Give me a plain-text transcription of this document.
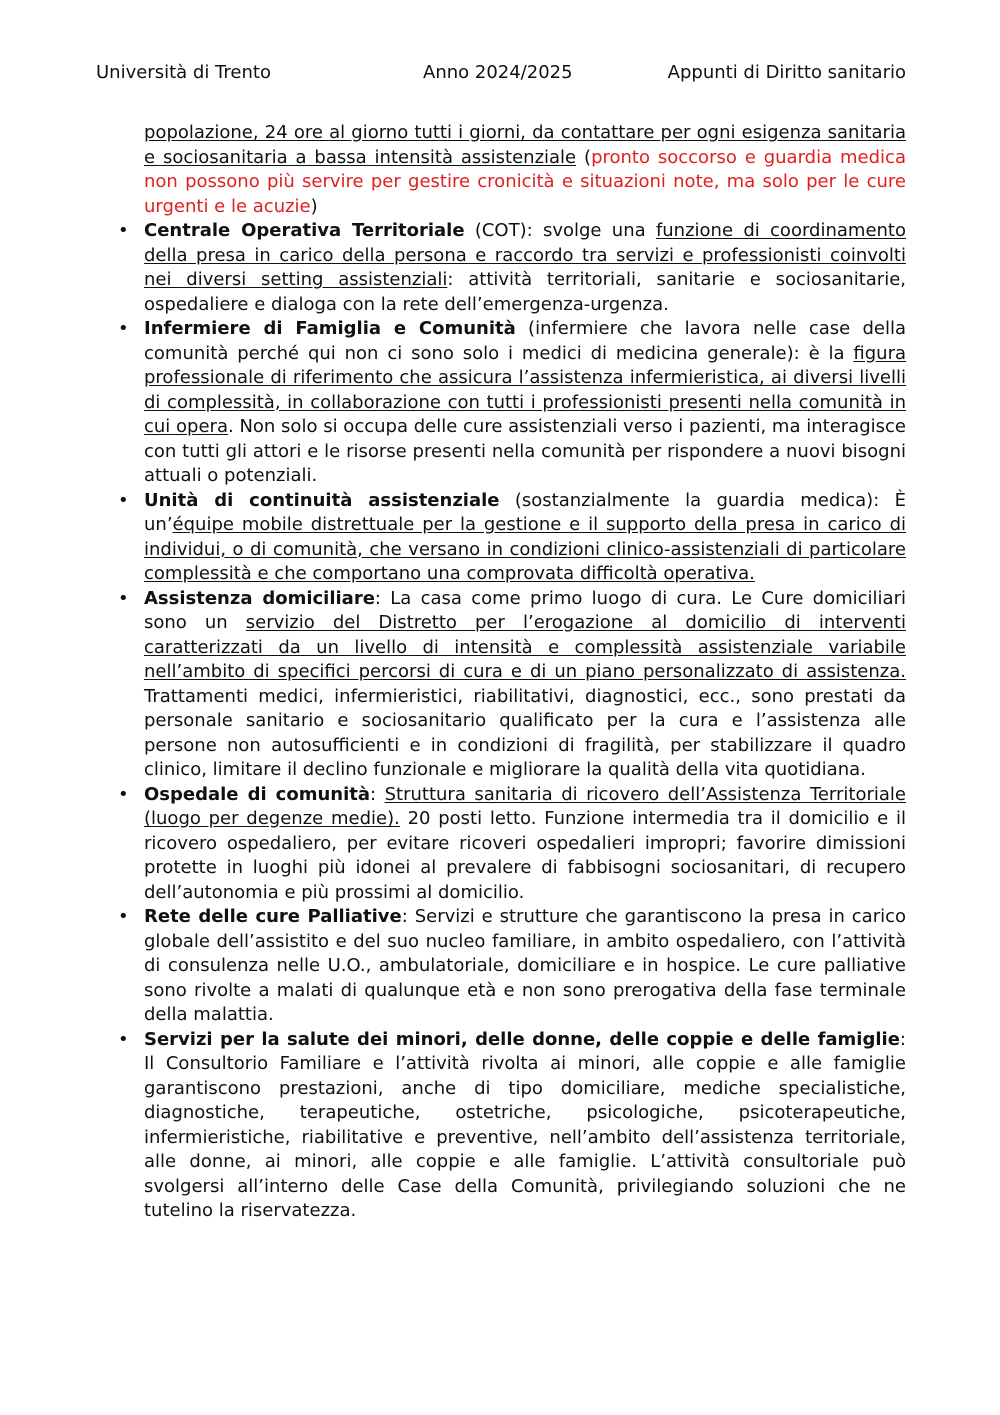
Università di Trento	Anno 2024/2025	Appunti di Diritto sanitario

popolazione, 24 ore al giorno tutti i giorni, da contattare per ogni esigenza sanitaria e sociosanitaria a bassa intensità assistenziale (pronto soccorso e guardia medica non possono più servire per gestire cronicità e situazioni note, ma solo per le cure urgenti e le acuzie)

• Centrale Operativa Territoriale (COT): svolge una funzione di coordinamento della presa in carico della persona e raccordo tra servizi e professionisti coinvolti nei diversi setting assistenziali: attività territoriali, sanitarie e sociosanitarie, ospedaliere e dialoga con la rete dell’emergenza-urgenza.
• Infermiere di Famiglia e Comunità (infermiere che lavora nelle case della comunità perché qui non ci sono solo i medici di medicina generale): è la figura professionale di riferimento che assicura l’assistenza infermieristica, ai diversi livelli di complessità, in collaborazione con tutti i professionisti presenti nella comunità in cui opera. Non solo si occupa delle cure assistenziali verso i pazienti, ma interagisce con tutti gli attori e le risorse presenti nella comunità per rispondere a nuovi bisogni attuali o potenziali.
• Unità di continuità assistenziale (sostanzialmente la guardia medica): È un’équipe mobile distrettuale per la gestione e il supporto della presa in carico di individui, o di comunità, che versano in condizioni clinico-assistenziali di particolare complessità e che comportano una comprovata difficoltà operativa.
• Assistenza domiciliare: La casa come primo luogo di cura. Le Cure domiciliari sono un servizio del Distretto per l’erogazione al domicilio di interventi caratterizzati da un livello di intensità e complessità assistenziale variabile nell’ambito di specifici percorsi di cura e di un piano personalizzato di assistenza. Trattamenti medici, infermieristici, riabilitativi, diagnostici, ecc., sono prestati da personale sanitario e sociosanitario qualificato per la cura e l’assistenza alle persone non autosufficienti e in condizioni di fragilità, per stabilizzare il quadro clinico, limitare il declino funzionale e migliorare la qualità della vita quotidiana.
• Ospedale di comunità: Struttura sanitaria di ricovero dell’Assistenza Territoriale (luogo per degenze medie). 20 posti letto. Funzione intermedia tra il domicilio e il ricovero ospedaliero, per evitare ricoveri ospedalieri impropri; favorire dimissioni protette in luoghi più idonei al prevalere di fabbisogni sociosanitari, di recupero dell’autonomia e più prossimi al domicilio.
• Rete delle cure Palliative: Servizi e strutture che garantiscono la presa in carico globale dell’assistito e del suo nucleo familiare, in ambito ospedaliero, con l’attività di consulenza nelle U.O., ambulatoriale, domiciliare e in hospice. Le cure palliative sono rivolte a malati di qualunque età e non sono prerogativa della fase terminale della malattia.
• Servizi per la salute dei minori, delle donne, delle coppie e delle famiglie: Il Consultorio Familiare e l’attività rivolta ai minori, alle coppie e alle famiglie garantiscono prestazioni, anche di tipo domiciliare, mediche specialistiche, diagnostiche, terapeutiche, ostetriche, psicologiche, psicoterapeutiche, infermieristiche, riabilitative e preventive, nell’ambito dell’assistenza territoriale, alle donne, ai minori, alle coppie e alle famiglie. L’attività consultoriale può svolgersi all’interno delle Case della Comunità, privilegiando soluzioni che ne tutelino la riservatezza.
